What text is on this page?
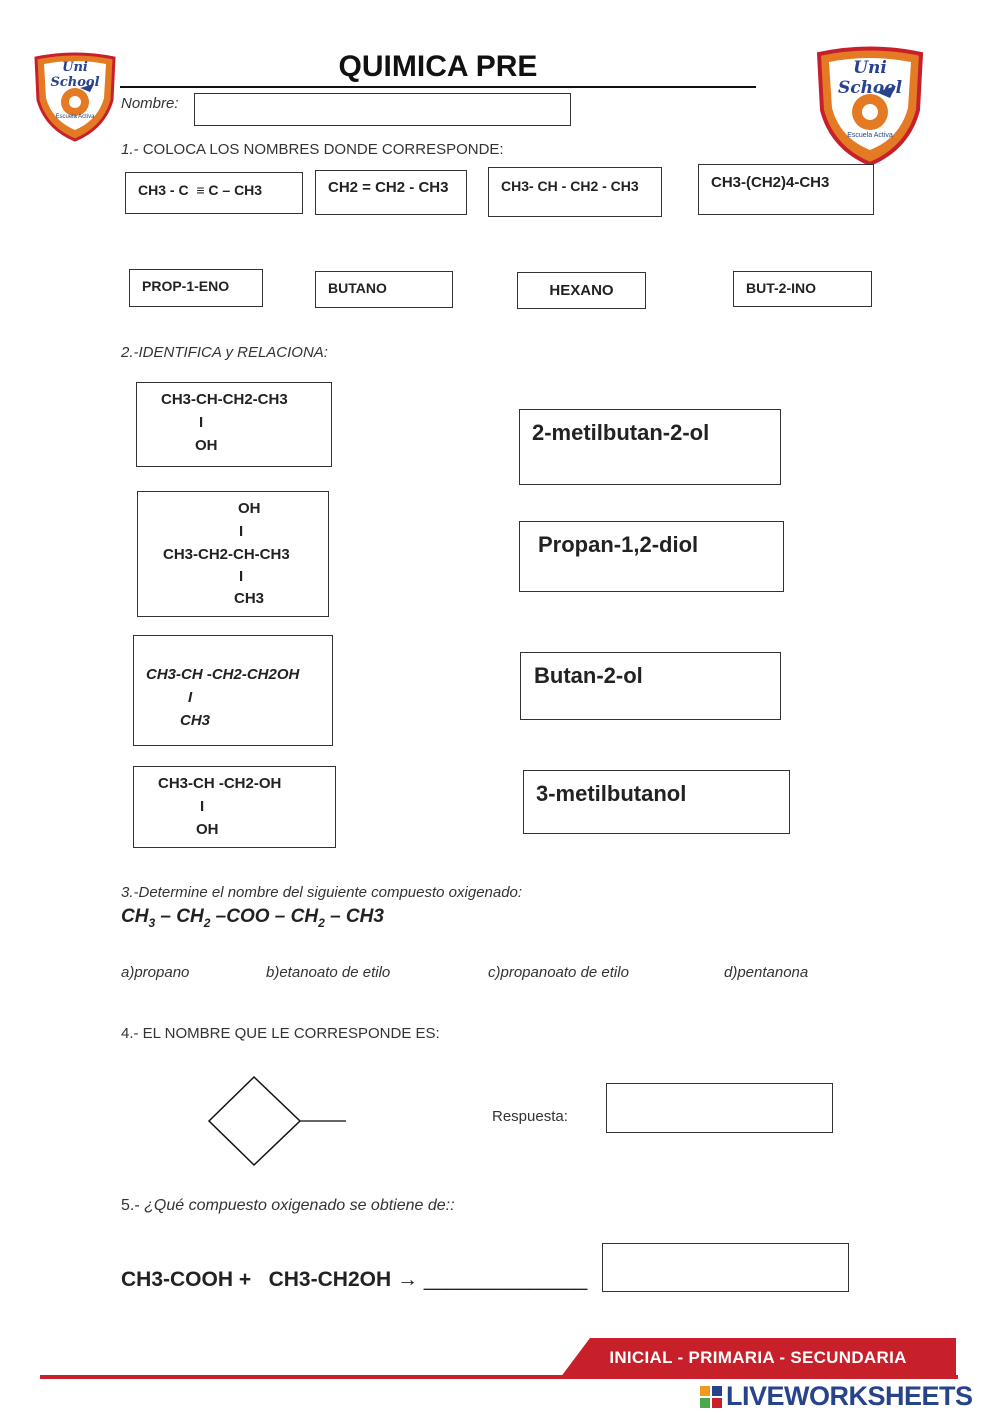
Uni School
Escuela Activa
Uni School
Escuela Activa
QUIMICA PRE
Nombre:
1.- COLOCA LOS NOMBRES DONDE CORRESPONDE:
CH3 - C  ≡ C – CH3	CH2 = CH2 - CH3	CH3- CH - CH2 - CH3	CH3-(CH2)4-CH3
PROP-1-ENO	BUTANO	HEXANO	BUT-2-INO
2.-IDENTIFICA y RELACIONA:
CH3-CH-CH2-CH3
I
OH
OH
I
CH3-CH2-CH-CH3
I
CH3
CH3-CH -CH2-CH2OH
I
CH3
CH3-CH -CH2-OH
I
OH
2-metilbutan-2-ol
Propan-1,2-diol
Butan-2-ol
3-metilbutanol
3.-Determine el nombre del siguiente compuesto oxigenado:
$CH_3 - CH_2$ $-COO - CH_2 - CH3$
a)propano	b)etanoato de etilo	c)propanoato de etilo	d)pentanona
4.- EL NOMBRE QUE LE CORRESPONDE ES:
Respuesta:
5.- ¿Qué compuesto oxigenado se obtiene de::
CH3-COOH +   CH3-CH2OH → ______________
INICIAL - PRIMARIA - SECUNDARIA
LIVEWORKSHEETS
